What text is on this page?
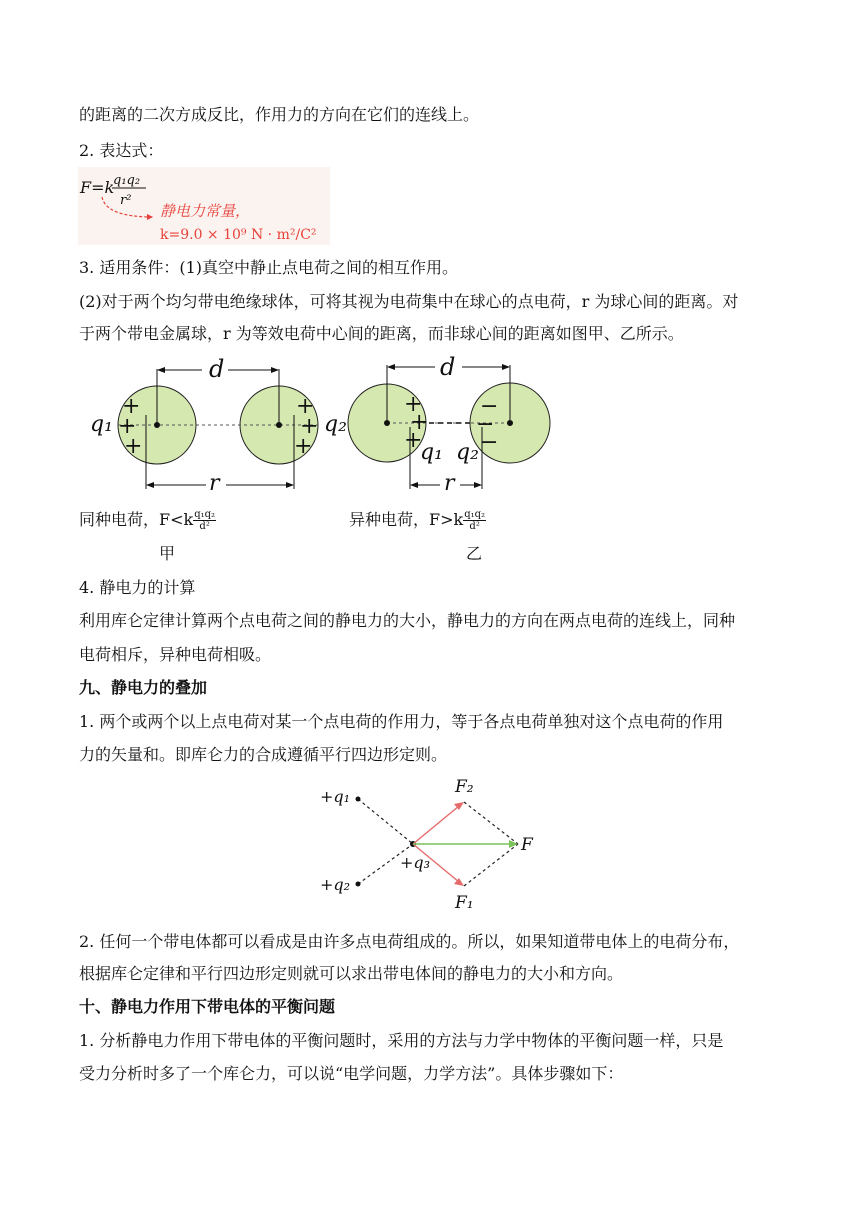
的距离的二次方成反比，作用力的方向在它们的连线上。
2. 表达式：
F=k
q₁q₂
r²
静电力常量，
k=9.0 × 10⁹ N · m²/C²
3. 适用条件：(1)真空中静止点电荷之间的相互作用。
(2)对于两个均匀带电绝缘球体，可将其视为电荷集中在球心的点电荷，r 为球心间的距离。对
于两个带电金属球，r 为等效电荷中心间的距离，而非球心间的距离如图甲、乙所示。
d
r
+
+
+
+
+
+
q₁	q₂
d
r
+
+
+
−
−
−
q₁ q₂
同种电荷，$F<k \frac{\text{q₁q₂}}{\text{d²}}$	异种电荷，$F>k \frac{\text{q₁q₂}}{\text{d²}}$
甲	乙
4. 静电力的计算
利用库仑定律计算两个点电荷之间的静电力的大小，静电力的方向在两点电荷的连线上，同种
电荷相斥，异种电荷相吸。
九、静电力的叠加
1. 两个或两个以上点电荷对某一个点电荷的作用力，等于各点电荷单独对这个点电荷的作用
力的矢量和。即库仑力的合成遵循平行四边形定则。
+q₁
+q₂
+q₃
F₂
F₁
F
2. 任何一个带电体都可以看成是由许多点电荷组成的。所以，如果知道带电体上的电荷分布，
根据库仑定律和平行四边形定则就可以求出带电体间的静电力的大小和方向。
十、静电力作用下带电体的平衡问题
1. 分析静电力作用下带电体的平衡问题时，采用的方法与力学中物体的平衡问题一样，只是
受力分析时多了一个库仑力，可以说“电学问题，力学方法”。具体步骤如下：
